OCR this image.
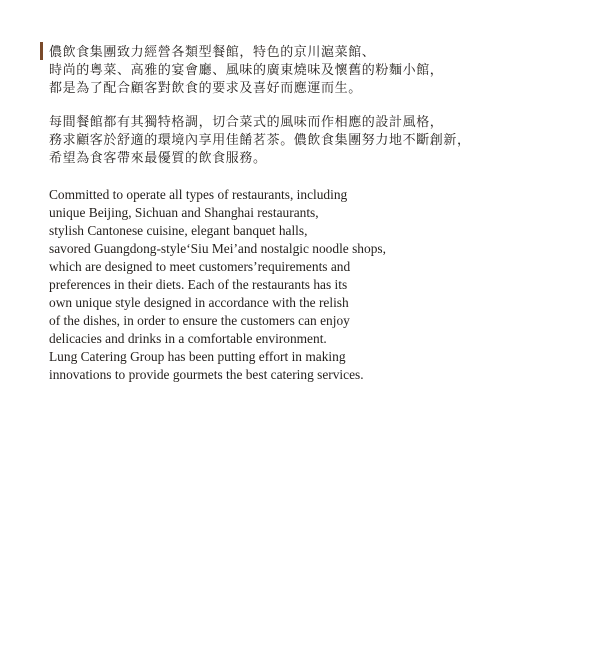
儂飲食集團致力經營各類型餐館，特色的京川滬菜館、
時尚的粵菜、高雅的宴會廳、風味的廣東燒味及懷舊的粉麵小館，
都是為了配合顧客對飲食的要求及喜好而應運而生。

每間餐館都有其獨特格調，切合菜式的風味而作相應的設計風格，
務求顧客於舒適的環境內享用佳餚茗茶。儂飲食集團努力地不斷創新，
希望為食客帶來最優質的飲食服務。

Committed to operate all types of restaurants, including
unique Beijing, Sichuan and Shanghai restaurants,
stylish Cantonese cuisine, elegant banquet halls,
savored Guangdong-style‘Siu Mei’and nostalgic noodle shops,
which are designed to meet customers’requirements and
preferences in their diets. Each of the restaurants has its
own unique style designed in accordance with the relish
of the dishes, in order to ensure the customers can enjoy
delicacies and drinks in a comfortable environment.
Lung Catering Group has been putting effort in making
innovations to provide gourmets the best catering services.
